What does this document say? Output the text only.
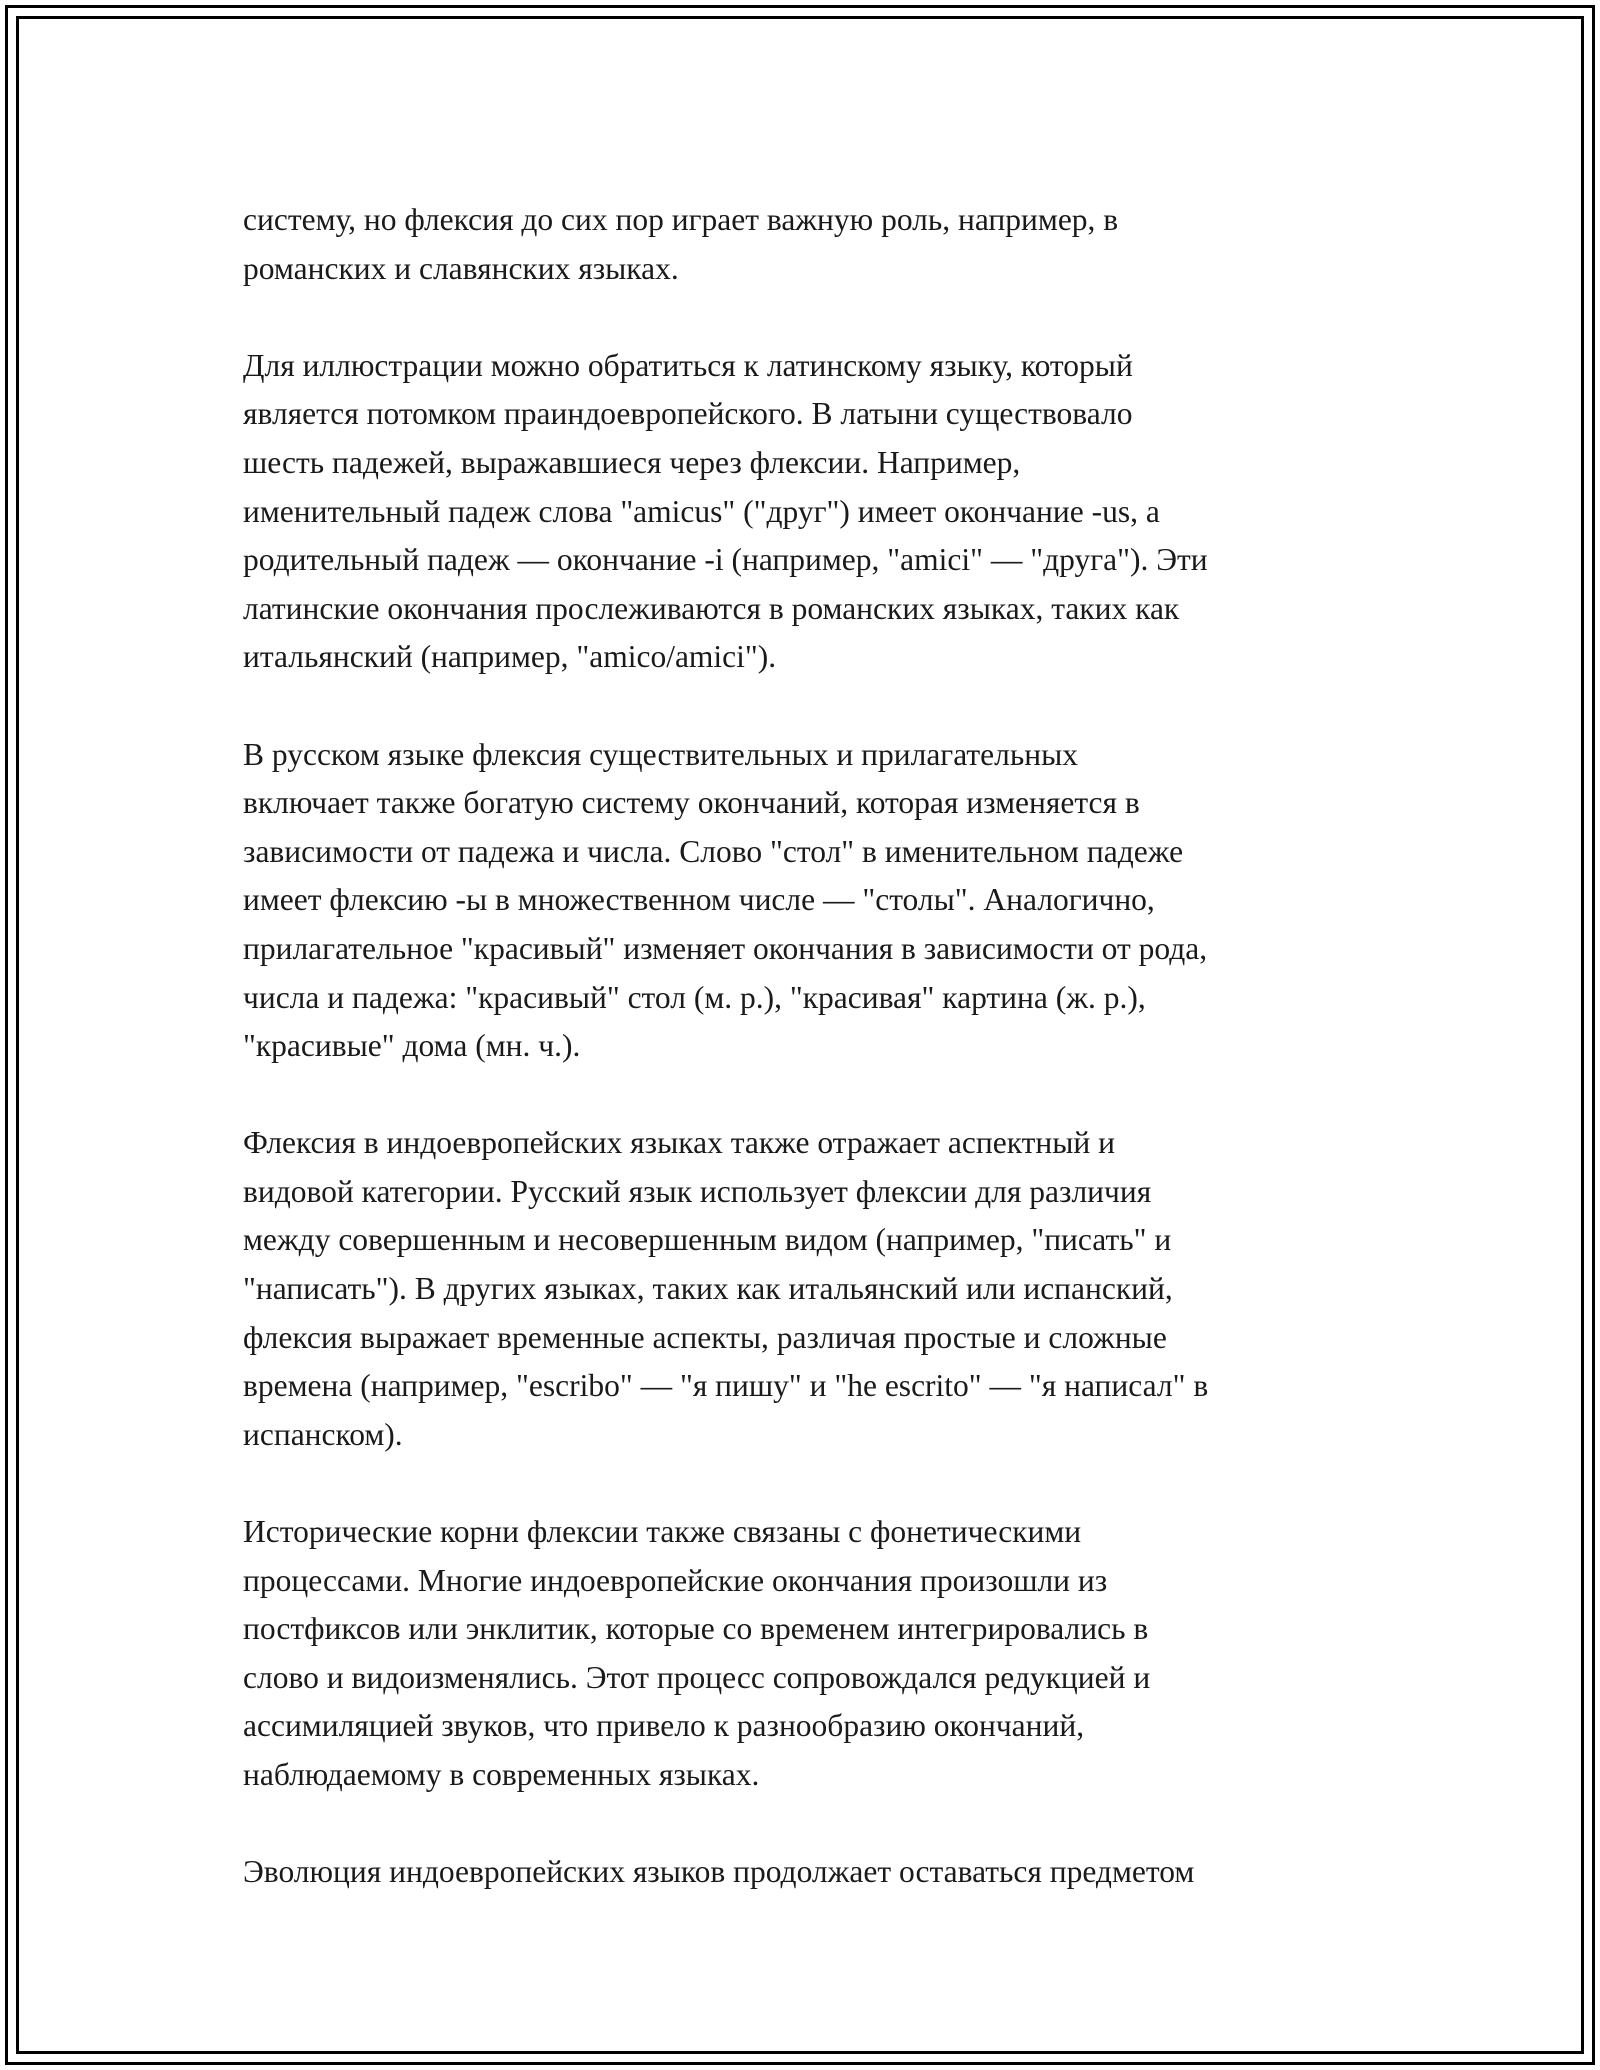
систему, но флексия до сих пор играет важную роль, например, в
романских и славянских языках.

Для иллюстрации можно обратиться к латинскому языку, который
является потомком праиндоевропейского. В латыни существовало
шесть падежей, выражавшиеся через флексии. Например,
именительный падеж слова "amicus" ("друг") имеет окончание -us, а
родительный падеж — окончание -i (например, "amici" — "друга"). Эти
латинские окончания прослеживаются в романских языках, таких как
итальянский (например, "amico/amici").

В русском языке флексия существительных и прилагательных
включает также богатую систему окончаний, которая изменяется в
зависимости от падежа и числа. Слово "стол" в именительном падеже
имеет флексию -ы в множественном числе — "столы". Аналогично,
прилагательное "красивый" изменяет окончания в зависимости от рода,
числа и падежа: "красивый" стол (м. р.), "красивая" картина (ж. р.),
"красивые" дома (мн. ч.).

Флексия в индоевропейских языках также отражает аспектный и
видовой категории. Русский язык использует флексии для различия
между совершенным и несовершенным видом (например, "писать" и
"написать"). В других языках, таких как итальянский или испанский,
флексия выражает временные аспекты, различая простые и сложные
времена (например, "escribo" — "я пишу" и "he escrito" — "я написал" в
испанском).

Исторические корни флексии также связаны с фонетическими
процессами. Многие индоевропейские окончания произошли из
постфиксов или энклитик, которые со временем интегрировались в
слово и видоизменялись. Этот процесс сопровождался редукцией и
ассимиляцией звуков, что привело к разнообразию окончаний,
наблюдаемому в современных языках.

Эволюция индоевропейских языков продолжает оставаться предметом
